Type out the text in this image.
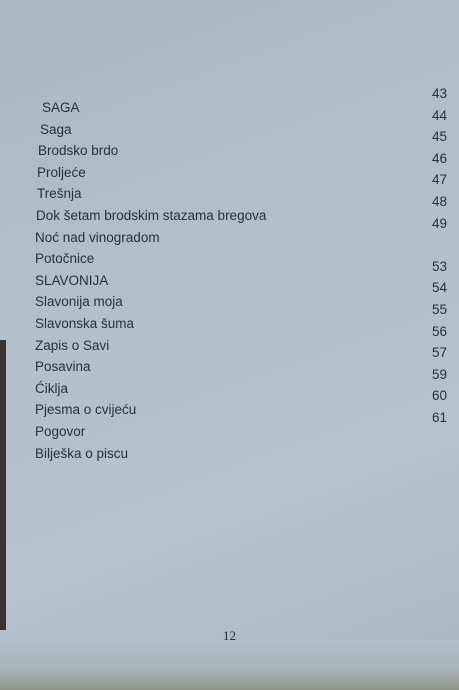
SAGA
Saga
Brodsko brdo
Proljeće
Trešnja
Dok šetam brodskim stazama bregova
Noć nad vinogradom
Potočnice
SLAVONIJA
Slavonija moja
Slavonska šuma
Zapis o Savi
Posavina
Ćiklja
Pjesma o cvijeću
Pogovor
Bilješka o piscu
43
44
45
46
47
48
49
53
54
55
56
57
59
60
61
12
